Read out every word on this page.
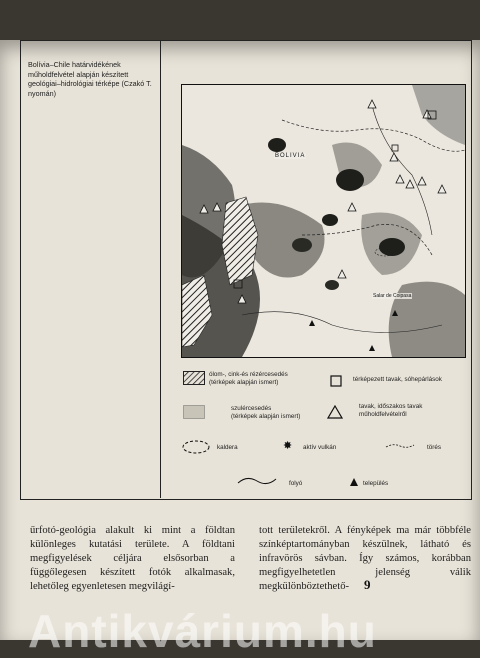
Bolívia–Chile határvidékének műholdfelvétel alapján készített geológiai–hidrológiai térképe (Czakó T. nyomán)
BOLIVIA
Salar de Coipasa
ólom-, cink-és rézércesedés
(térképek alapján ismert)	térképezett tavak, sóhepárlások
szulércesedés
(térképek alapján ismert)
tavak, időszakos tavak
műholdfelvételről
kaldera	✸ aktív vulkán	törés
folyó	település
űrfotó-geológia alakult ki mint a földtan különleges kutatási területe. A földtani megfigyelések céljára elsősorban a függőlegesen készített fotók alkalmasak, lehetőleg egyenletesen megvilágí-
tott területekről. A fényképek ma már többféle színképtartományban készülnek, látható és infravörös sávban. Így számos, korábban megfigyelhetetlen jelenség válik megkülönböztethető-	9
Antikvárium.hu
